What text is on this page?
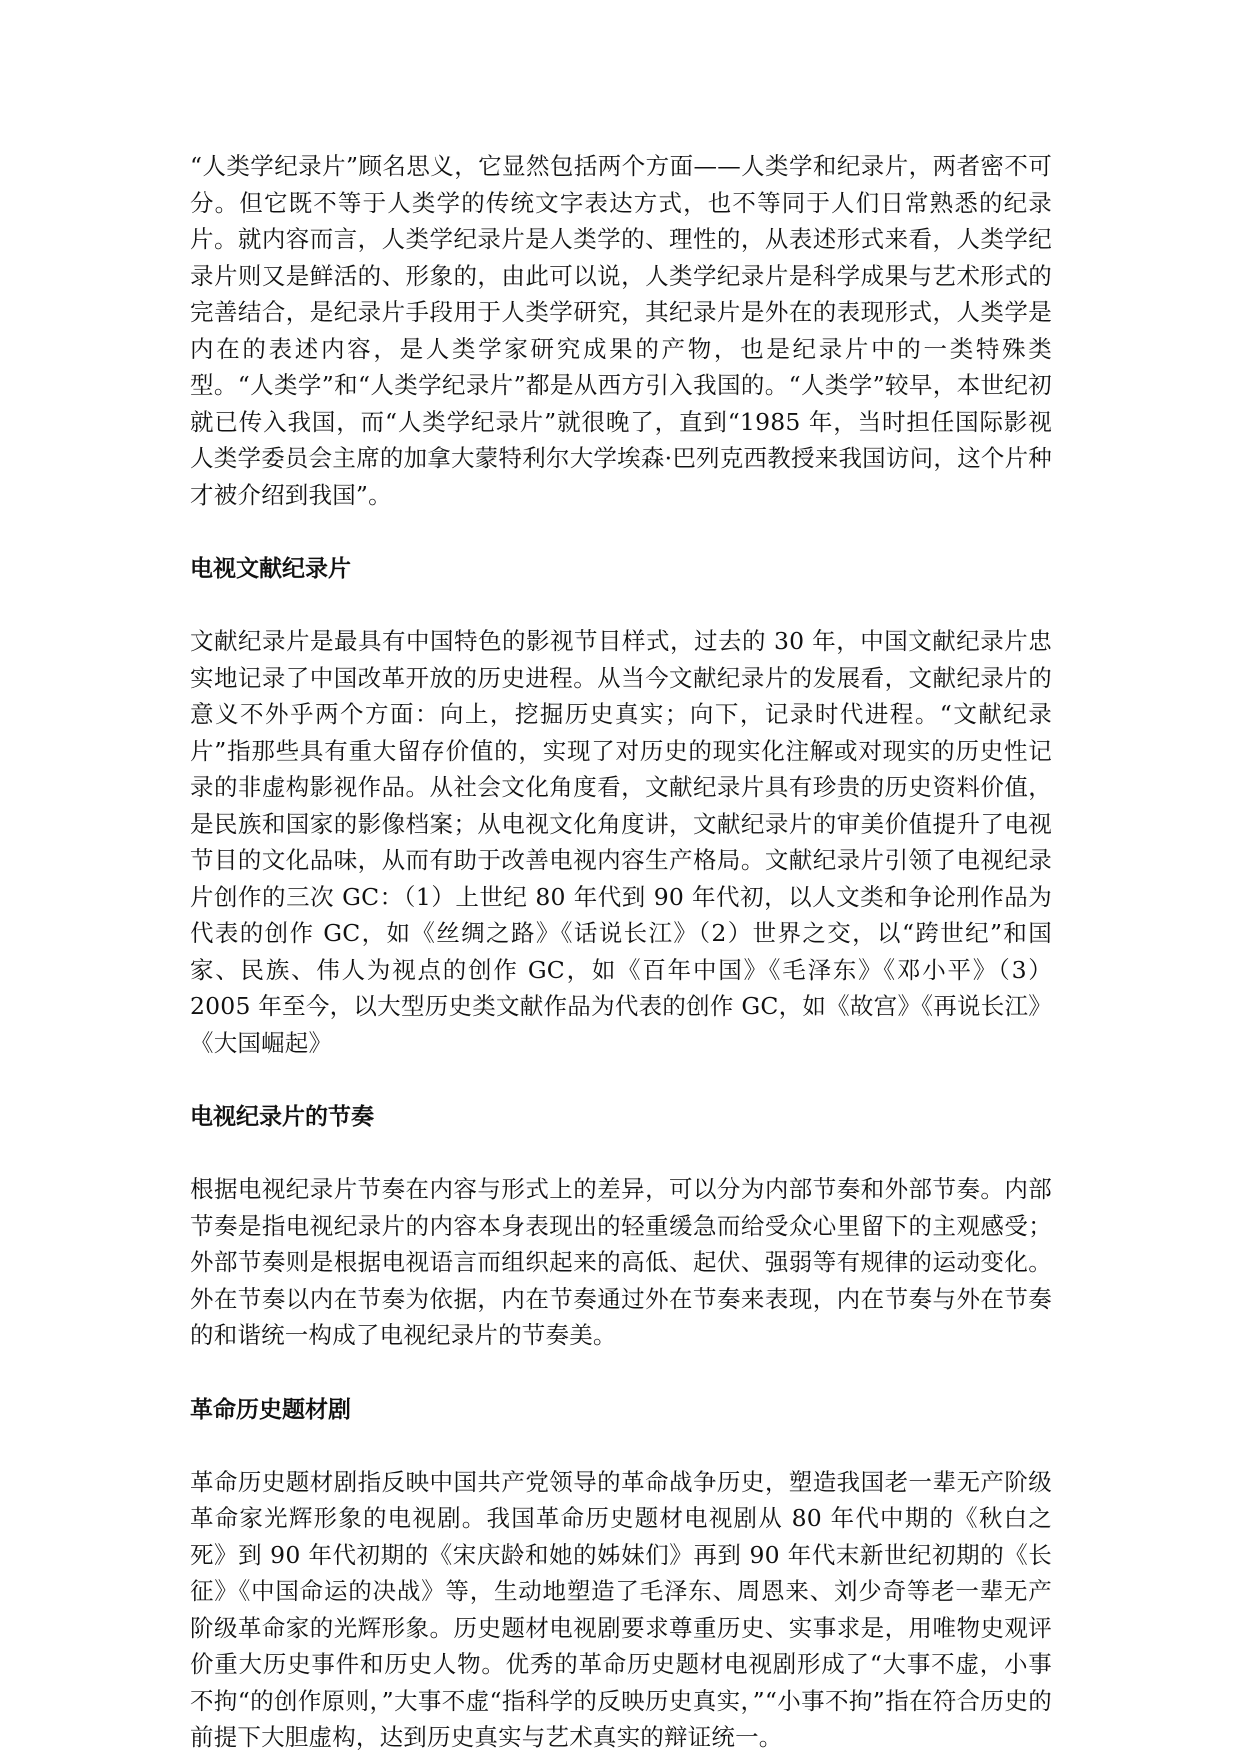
“人类学纪录片”顾名思义，它显然包括两个方面——人类学和纪录片，两者密不可分。但它既不等于人类学的传统文字表达方式，也不等同于人们日常熟悉的纪录片。就内容而言，人类学纪录片是人类学的、理性的，从表述形式来看，人类学纪录片则又是鲜活的、形象的，由此可以说，人类学纪录片是科学成果与艺术形式的完善结合，是纪录片手段用于人类学研究，其纪录片是外在的表现形式，人类学是内在的表述内容，是人类学家研究成果的产物，也是纪录片中的一类特殊类型。“人类学”和“人类学纪录片”都是从西方引入我国的。“人类学”较早，本世纪初就已传入我国，而“人类学纪录片”就很晚了，直到“1985 年，当时担任国际影视人类学委员会主席的加拿大蒙特利尔大学埃森·巴列克西教授来我国访问，这个片种才被介绍到我国”。

电视文献纪录片

文献纪录片是最具有中国特色的影视节目样式，过去的 30 年，中国文献纪录片忠实地记录了中国改革开放的历史进程。从当今文献纪录片的发展看，文献纪录片的意义不外乎两个方面：向上，挖掘历史真实；向下，记录时代进程。“文献纪录片”指那些具有重大留存价值的，实现了对历史的现实化注解或对现实的历史性记录的非虚构影视作品。从社会文化角度看，文献纪录片具有珍贵的历史资料价值，是民族和国家的影像档案；从电视文化角度讲，文献纪录片的审美价值提升了电视节目的文化品味，从而有助于改善电视内容生产格局。文献纪录片引领了电视纪录片创作的三次 GC：（1）上世纪 80 年代到 90 年代初，以人文类和争论刑作品为代表的创作 GC，如《丝绸之路》《话说长江》（2）世界之交，以“跨世纪”和国家、民族、伟人为视点的创作 GC，如《百年中国》《毛泽东》《邓小平》（3）2005 年至今，以大型历史类文献作品为代表的创作 GC，如《故宫》《再说长江》《大国崛起》

电视纪录片的节奏

根据电视纪录片节奏在内容与形式上的差异，可以分为内部节奏和外部节奏。内部节奏是指电视纪录片的内容本身表现出的轻重缓急而给受众心里留下的主观感受；外部节奏则是根据电视语言而组织起来的高低、起伏、强弱等有规律的运动变化。外在节奏以内在节奏为依据，内在节奏通过外在节奏来表现，内在节奏与外在节奏的和谐统一构成了电视纪录片的节奏美。

革命历史题材剧

革命历史题材剧指反映中国共产党领导的革命战争历史，塑造我国老一辈无产阶级革命家光辉形象的电视剧。我国革命历史题材电视剧从 80 年代中期的《秋白之死》到 90 年代初期的《宋庆龄和她的姊妹们》再到 90 年代末新世纪初期的《长征》《中国命运的决战》等，生动地塑造了毛泽东、周恩来、刘少奇等老一辈无产阶级革命家的光辉形象。历史题材电视剧要求尊重历史、实事求是，用唯物史观评价重大历史事件和历史人物。优秀的革命历史题材电视剧形成了“大事不虚，小事不拘“的创作原则，”大事不虚“指科学的反映历史真实，”“小事不拘”指在符合历史的前提下大胆虚构，达到历史真实与艺术真实的辩证统一。
